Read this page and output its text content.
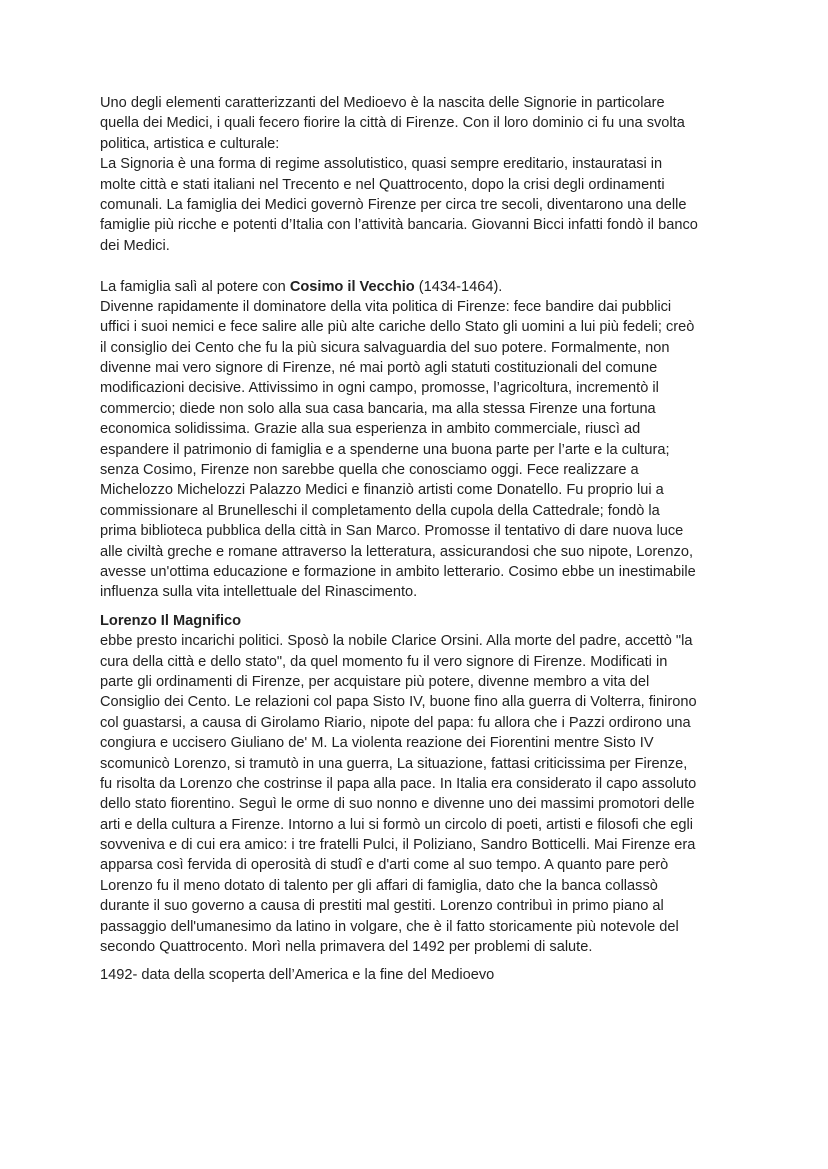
Uno degli elementi caratterizzanti del Medioevo è la nascita delle Signorie in particolare
quella dei Medici, i quali fecero fiorire la città di Firenze. Con il loro dominio ci fu una svolta
politica, artistica e culturale:
La Signoria è una forma di regime assolutistico, quasi sempre ereditario, instauratasi in
molte città e stati italiani nel Trecento e nel Quattrocento, dopo la crisi degli ordinamenti
comunali. La famiglia dei Medici governò Firenze per circa tre secoli, diventarono una delle
famiglie più ricche e potenti d’Italia con l’attività bancaria. Giovanni Bicci infatti fondò il banco
dei Medici.
La famiglia salì al potere con Cosimo il Vecchio (1434-1464).
Divenne rapidamente il dominatore della vita politica di Firenze: fece bandire dai pubblici
uffici i suoi nemici e fece salire alle più alte cariche dello Stato gli uomini a lui più fedeli; creò
il consiglio dei Cento che fu la più sicura salvaguardia del suo potere. Formalmente, non
divenne mai vero signore di Firenze, né mai portò agli statuti costituzionali del comune
modificazioni decisive. Attivissimo in ogni campo, promosse, l’agricoltura, incrementò il
commercio; diede non solo alla sua casa bancaria, ma alla stessa Firenze una fortuna
economica solidissima. Grazie alla sua esperienza in ambito commerciale, riuscì ad
espandere il patrimonio di famiglia e a spenderne una buona parte per l’arte e la cultura;
senza Cosimo, Firenze non sarebbe quella che conosciamo oggi. Fece realizzare a
Michelozzo Michelozzi Palazzo Medici e finanziò artisti come Donatello. Fu proprio lui a
commissionare al Brunelleschi il completamento della cupola della Cattedrale; fondò la
prima biblioteca pubblica della città in San Marco. Promosse il tentativo di dare nuova luce
alle civiltà greche e romane attraverso la letteratura, assicurandosi che suo nipote, Lorenzo,
avesse un'ottima educazione e formazione in ambito letterario. Cosimo ebbe un inestimabile
influenza sulla vita intellettuale del Rinascimento.
Lorenzo Il Magnifico
ebbe presto incarichi politici. Sposò la nobile Clarice Orsini. Alla morte del padre, accettò "la
cura della città e dello stato", da quel momento fu il vero signore di Firenze. Modificati in
parte gli ordinamenti di Firenze, per acquistare più potere, divenne membro a vita del
Consiglio dei Cento. Le relazioni col papa Sisto IV, buone fino alla guerra di Volterra, finirono
col guastarsi, a causa di Girolamo Riario, nipote del papa: fu allora che i Pazzi ordirono una
congiura e uccisero Giuliano de' M. La violenta reazione dei Fiorentini mentre Sisto IV
scomunicò Lorenzo, si tramutò in una guerra, La situazione, fattasi criticissima per Firenze,
fu risolta da Lorenzo che costrinse il papa alla pace. In Italia era considerato il capo assoluto
dello stato fiorentino. Seguì le orme di suo nonno e divenne uno dei massimi promotori delle
arti e della cultura a Firenze. Intorno a lui si formò un circolo di poeti, artisti e filosofi che egli
sovveniva e di cui era amico: i tre fratelli Pulci, il Poliziano, Sandro Botticelli. Mai Firenze era
apparsa così fervida di operosità di studî e d'arti come al suo tempo. A quanto pare però
Lorenzo fu il meno dotato di talento per gli affari di famiglia, dato che la banca collassò
durante il suo governo a causa di prestiti mal gestiti. Lorenzo contribuì in primo piano al
passaggio dell'umanesimo da latino in volgare, che è il fatto storicamente più notevole del
secondo Quattrocento. Morì nella primavera del 1492 per problemi di salute.
1492- data della scoperta dell’America e la fine del Medioevo
